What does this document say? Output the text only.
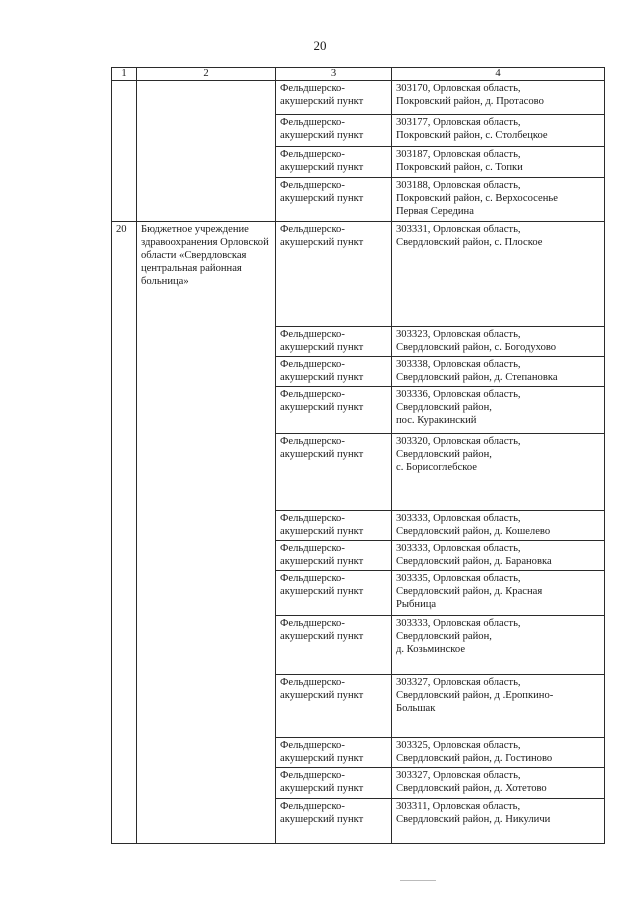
20
1	2	3	4
		Фельдшерско-
акушерский пункт	303170, Орловская область,
Покровский район, д. Протасово
		Фельдшерско-
акушерский пункт	303177, Орловская область,
Покровский район, с. Столбецкое
		Фельдшерско-
акушерский пункт	303187, Орловская область,
Покровский район, с. Топки
		Фельдшерско-
акушерский пункт	303188, Орловская область,
Покровский район, с. Верхососенье
Первая Середина
20	Бюджетное учреждение здравоохранения Орловской области «Свердловская центральная районная больница»	Фельдшерско-
акушерский пункт	303331, Орловская область,
Свердловский район, с. Плоское
		Фельдшерско-
акушерский пункт	303323, Орловская область,
Свердловский район, с. Богодухово
		Фельдшерско-
акушерский пункт	303338, Орловская область,
Свердловский район, д. Степановка
		Фельдшерско-
акушерский пункт	303336, Орловская область,
Свердловский район,
пос. Куракинский
		Фельдшерско-
акушерский пункт	303320, Орловская область,
Свердловский район,
с. Борисоглебское
		Фельдшерско-
акушерский пункт	303333, Орловская область,
Свердловский район, д. Кошелево
		Фельдшерско-
акушерский пункт	303333, Орловская область,
Свердловский район, д. Барановка
		Фельдшерско-
акушерский пункт	303335, Орловская область,
Свердловский район, д. Красная
Рыбница
		Фельдшерско-
акушерский пункт	303333, Орловская область,
Свердловский район,
д. Козьминское
		Фельдшерско-
акушерский пункт	303327, Орловская область,
Свердловский район, д .Еропкино-
Большак
		Фельдшерско-
акушерский пункт	303325, Орловская область,
Свердловский район, д. Гостиново
		Фельдшерско-
акушерский пункт	303327, Орловская область,
Свердловский район, д. Хотетово
		Фельдшерско-
акушерский пункт	303311, Орловская область,
Свердловский район, д. Никуличи
